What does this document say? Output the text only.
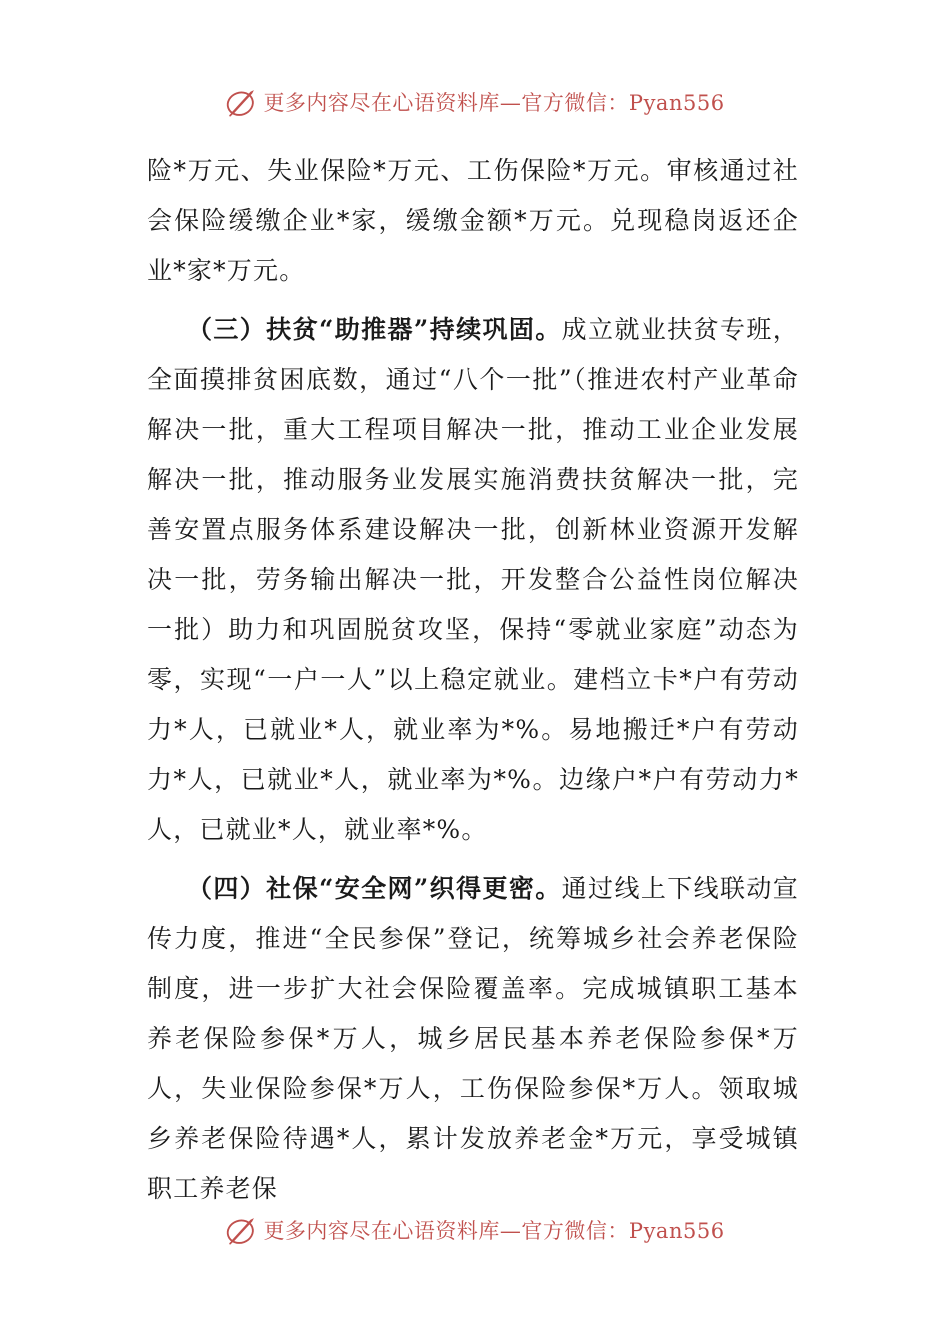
更多内容尽在心语资料库—官方微信：Pyan556

险*万元、失业保险*万元、工伤保险*万元。审核通过社会保险缓缴企业*家，缓缴金额*万元。兑现稳岗返还企业*家*万元。

（三）扶贫“助推器”持续巩固。成立就业扶贫专班，全面摸排贫困底数，通过“八个一批”（推进农村产业革命解决一批，重大工程项目解决一批，推动工业企业发展解决一批，推动服务业发展实施消费扶贫解决一批，完善安置点服务体系建设解决一批，创新林业资源开发解决一批，劳务输出解决一批，开发整合公益性岗位解决一批）助力和巩固脱贫攻坚，保持“零就业家庭”动态为零，实现“一户一人”以上稳定就业。建档立卡*户有劳动力*人，已就业*人，就业率为*%。易地搬迁*户有劳动力*人，已就业*人，就业率为*%。边缘户*户有劳动力*人，已就业*人，就业率*%。

（四）社保“安全网”织得更密。通过线上下线联动宣传力度，推进“全民参保”登记，统筹城乡社会养老保险制度，进一步扩大社会保险覆盖率。完成城镇职工基本养老保险参保*万人，城乡居民基本养老保险参保*万人，失业保险参保*万人，工伤保险参保*万人。领取城乡养老保险待遇*人，累计发放养老金*万元，享受城镇职工养老保

更多内容尽在心语资料库—官方微信：Pyan556
